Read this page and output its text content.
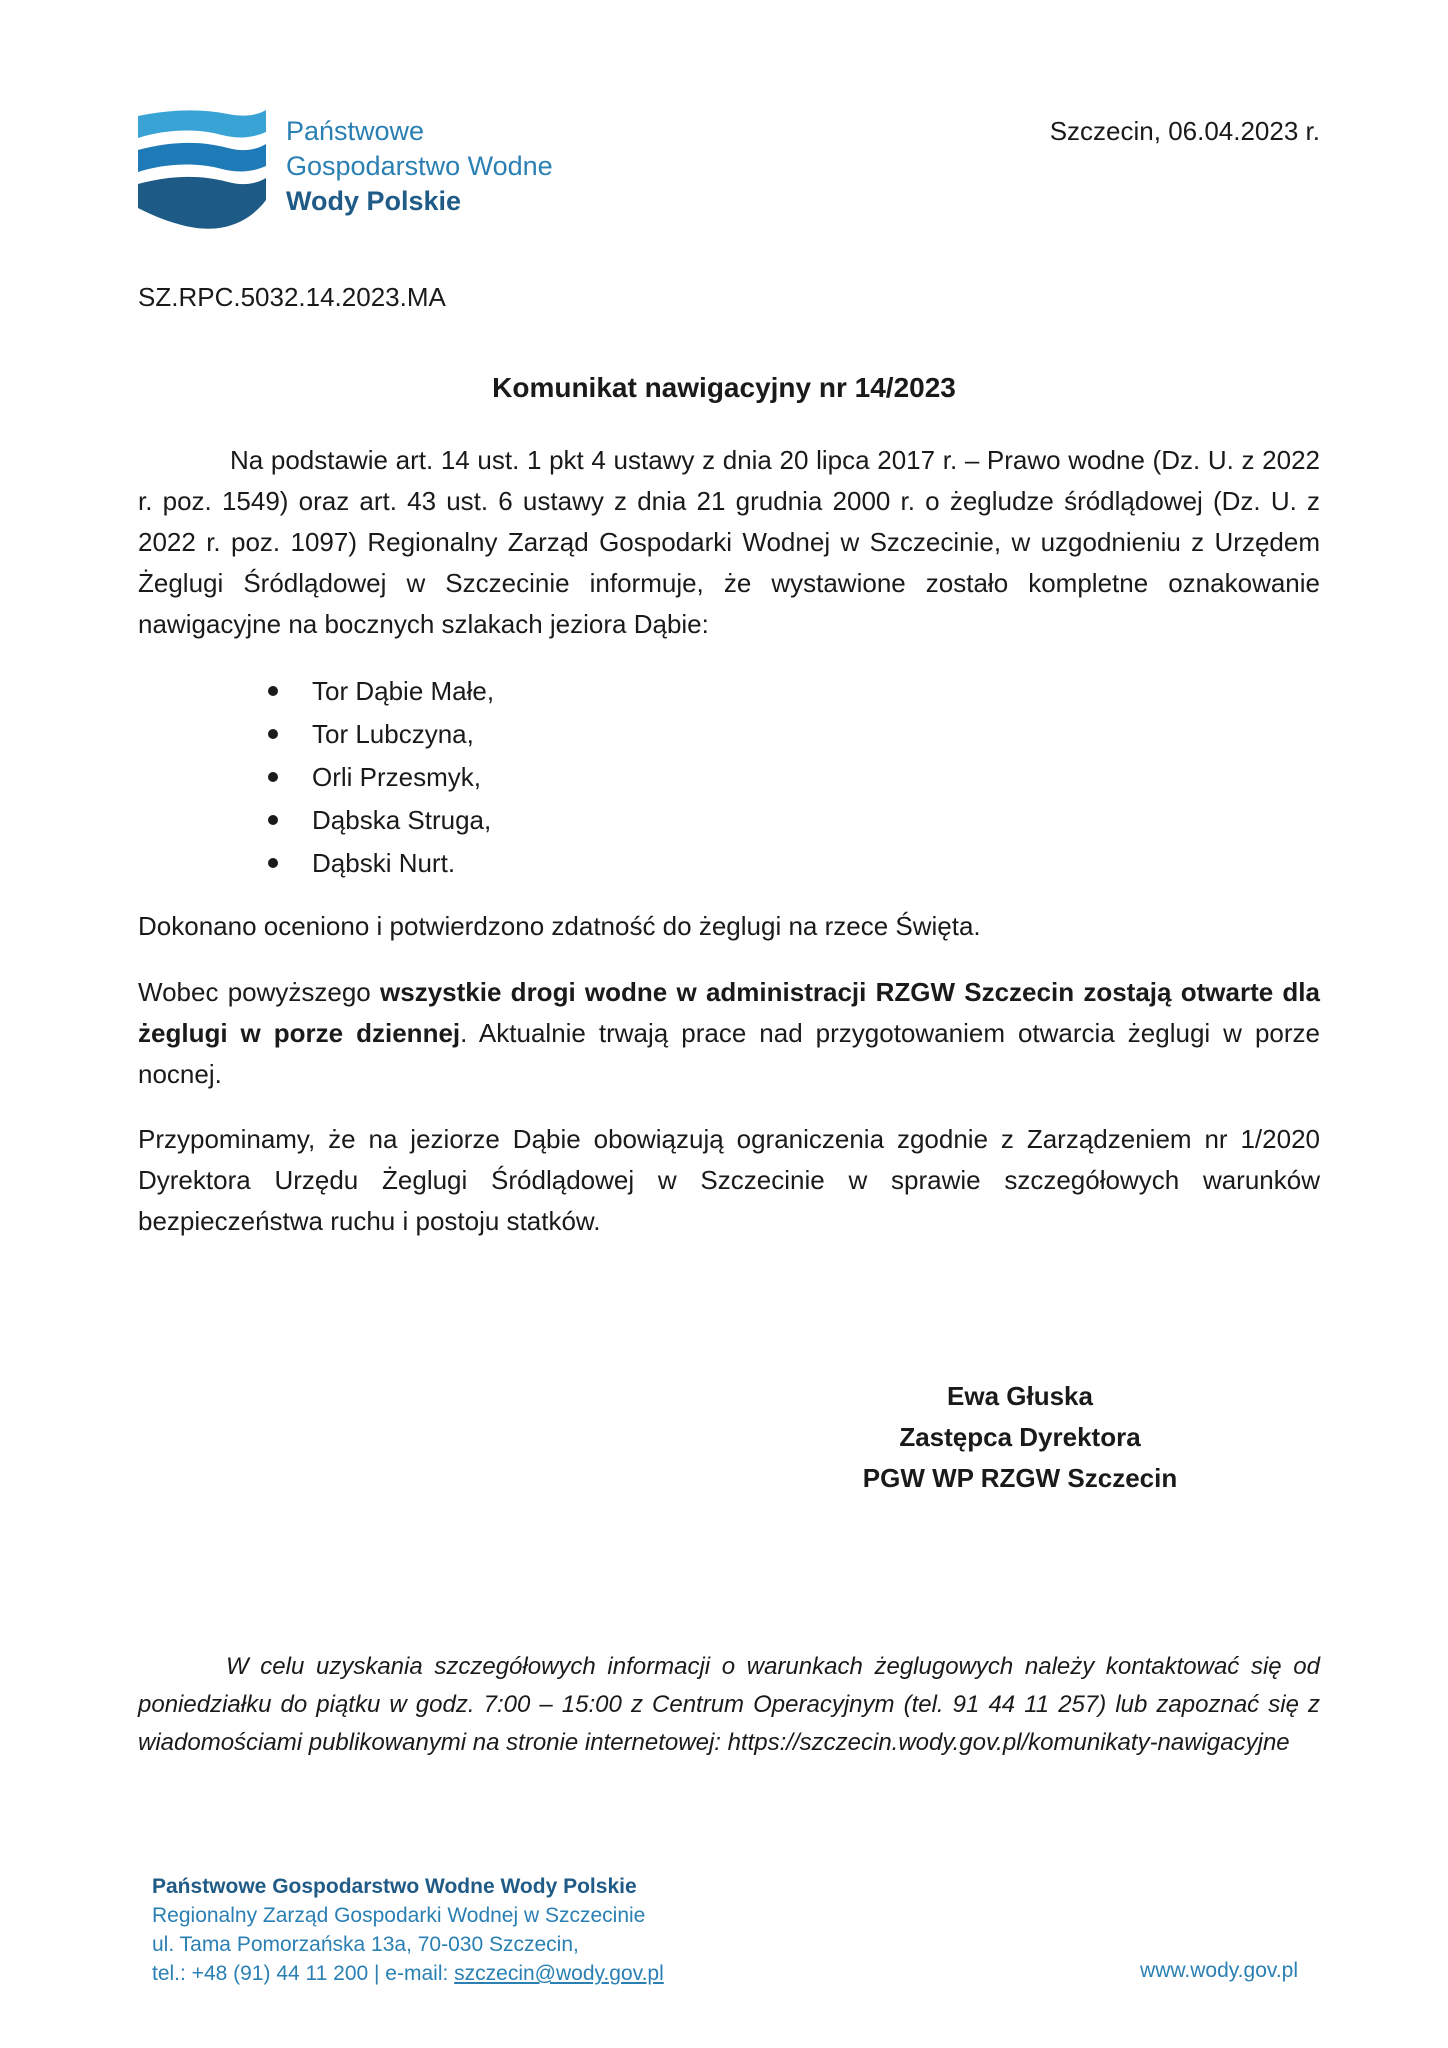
Państwowe
Gospodarstwo Wodne
Wody Polskie
Szczecin, 06.04.2023 r.
SZ.RPC.5032.14.2023.MA
Komunikat nawigacyjny nr 14/2023
Na podstawie art. 14 ust. 1 pkt 4 ustawy z dnia 20 lipca 2017 r. – Prawo wodne (Dz. U. z 2022 r. poz. 1549) oraz art. 43 ust. 6 ustawy z dnia 21 grudnia 2000 r. o żegludze śródlądowej (Dz. U. z 2022 r. poz. 1097) Regionalny Zarząd Gospodarki Wodnej w Szczecinie, w uzgodnieniu z Urzędem Żeglugi Śródlądowej w Szczecinie informuje, że wystawione zostało kompletne oznakowanie nawigacyjne na bocznych szlakach jeziora Dąbie:
Tor Dąbie Małe,
Tor Lubczyna,
Orli Przesmyk,
Dąbska Struga,
Dąbski Nurt.
Dokonano oceniono i potwierdzono zdatność do żeglugi na rzece Święta.
Wobec powyższego wszystkie drogi wodne w administracji RZGW Szczecin zostają otwarte dla żeglugi w porze dziennej. Aktualnie trwają prace nad przygotowaniem otwarcia żeglugi w porze nocnej.
Przypominamy, że na jeziorze Dąbie obowiązują ograniczenia zgodnie z Zarządzeniem nr 1/2020 Dyrektora Urzędu Żeglugi Śródlądowej w Szczecinie w sprawie szczegółowych warunków bezpieczeństwa ruchu i postoju statków.
Ewa Głuska
Zastępca Dyrektora
PGW WP RZGW Szczecin
W celu uzyskania szczegółowych informacji o warunkach żeglugowych należy kontaktować się od poniedziałku do piątku w godz. 7:00 – 15:00 z Centrum Operacyjnym (tel. 91 44 11 257) lub zapoznać się z wiadomościami publikowanymi na stronie internetowej: https://szczecin.wody.gov.pl/komunikaty-nawigacyjne
Państwowe Gospodarstwo Wodne Wody Polskie
Regionalny Zarząd Gospodarki Wodnej w Szczecinie
ul. Tama Pomorzańska 13a, 70-030 Szczecin,
tel.: +48 (91) 44 11 200 | e-mail: szczecin@wody.gov.pl	www.wody.gov.pl
